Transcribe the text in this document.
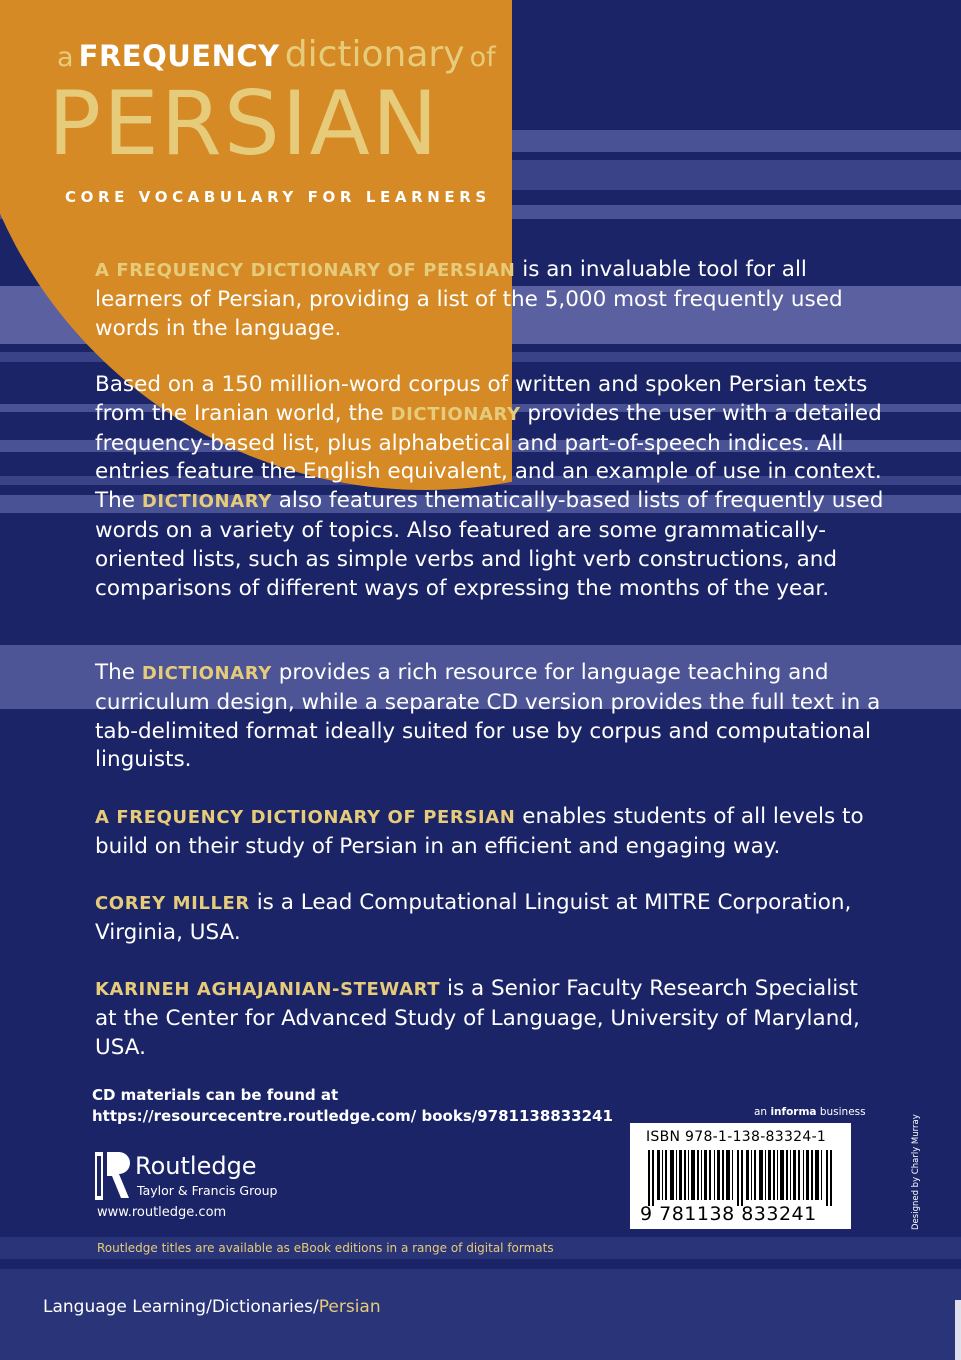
a FREQUENCY dictionary of
PERSIAN
CORE VOCABULARY FOR LEARNERS
A FREQUENCY DICTIONARY OF PERSIAN is an invaluable tool for all learners of Persian, providing a list of the 5,000 most frequently used words in the language.
Based on a 150 million-word corpus of written and spoken Persian texts from the Iranian world, the DICTIONARY provides the user with a detailed frequency-based list, plus alphabetical and part-of-speech indices. All entries feature the English equivalent, and an example of use in context. The DICTIONARY also features thematically-based lists of frequently used words on a variety of topics. Also featured are some grammatically-oriented lists, such as simple verbs and light verb constructions, and comparisons of different ways of expressing the months of the year.
The DICTIONARY provides a rich resource for language teaching and curriculum design, while a separate CD version provides the full text in a tab-delimited format ideally suited for use by corpus and computational linguists.
A FREQUENCY DICTIONARY OF PERSIAN enables students of all levels to build on their study of Persian in an efficient and engaging way.
COREY MILLER is a Lead Computational Linguist at MITRE Corporation, Virginia, USA.
KARINEH AGHAJANIAN-STEWART is a Senior Faculty Research Specialist at the Center for Advanced Study of Language, University of Maryland, USA.
CD materials can be found at https://resourcecentre.routledge.com/ books/9781138833241
Routledge
Taylor & Francis Group
www.routledge.com
Routledge titles are available as eBook editions in a range of digital formats
Language Learning/Dictionaries/Persian
an informa business
ISBN 978-1-138-83324-1
9 781138 833241	Designed by Charly Murray
